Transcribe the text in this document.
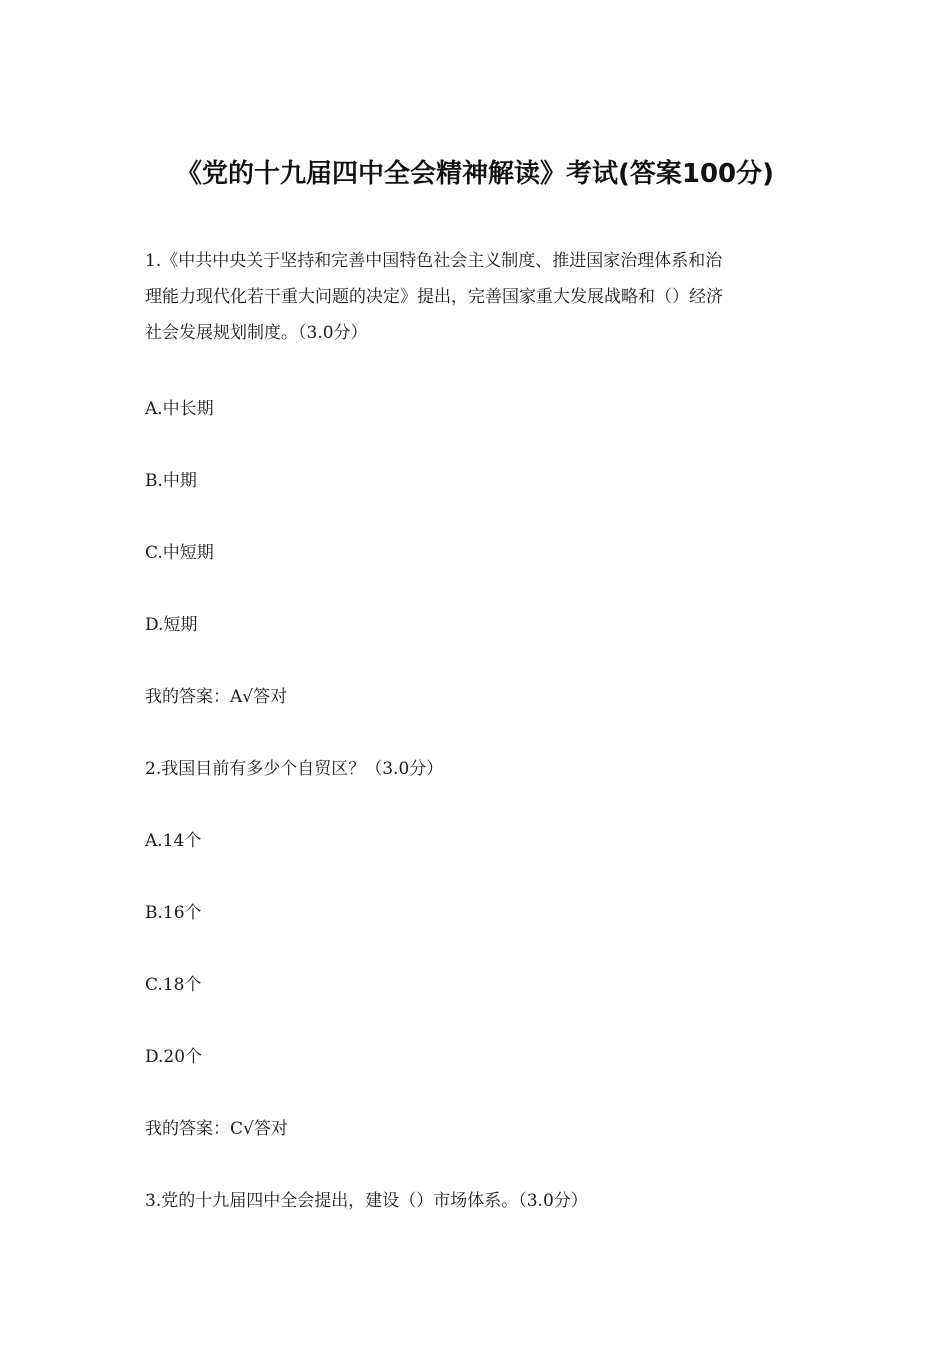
《党的十九届四中全会精神解读》考试(答案100分)
1.《中共中央关于坚持和完善中国特色社会主义制度、推进国家治理体系和治
理能力现代化若干重大问题的决定》提出，完善国家重大发展战略和（）经济
社会发展规划制度。（3.0分）

A.中长期

B.中期

C.中短期

D.短期

我的答案：A√答对

2.我国目前有多少个自贸区？（3.0分）

A.14个

B.16个

C.18个

D.20个

我的答案：C√答对

3.党的十九届四中全会提出，建设（）市场体系。（3.0分）
